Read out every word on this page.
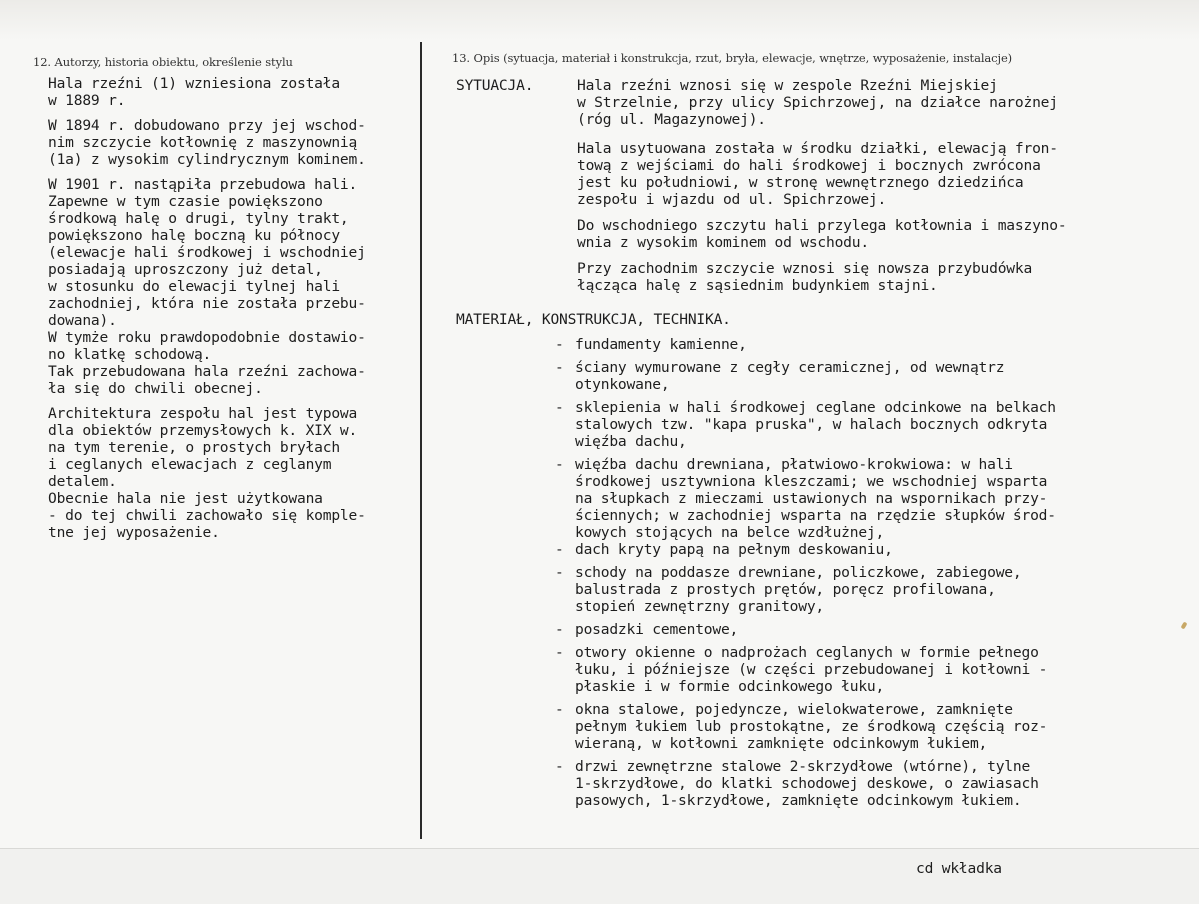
12. Autorzy, historia obiektu, określenie stylu	13. Opis (sytuacja, materiał i konstrukcja, rzut, bryła, elewacje, wnętrze, wyposażenie, instalacje)

Hala rzeźni (1) wzniesiona została
w 1889 r.

W 1894 r. dobudowano przy jej wschod-
nim szczycie kotłownię z maszynownią
(1a) z wysokim cylindrycznym kominem.

W 1901 r. nastąpiła przebudowa hali.
Zapewne w tym czasie powiększono
środkową halę o drugi, tylny trakt,
powiększono halę boczną ku północy
(elewacje hali środkowej i wschodniej
posiadają uproszczony już detal,
w stosunku do elewacji tylnej hali
zachodniej, która nie została przebu-
dowana).
W tymże roku prawdopodobnie dostawio-
no klatkę schodową.
Tak przebudowana hala rzeźni zachowa-
ła się do chwili obecnej.

Architektura zespołu hal jest typowa
dla obiektów przemysłowych k. XIX w.
na tym terenie, o prostych bryłach
i ceglanych elewacjach z ceglanym
detalem.
Obecnie hala nie jest użytkowana
- do tej chwili zachowało się komple-
tne jej wyposażenie.

SYTUACJA.	Hala rzeźni wznosi się w zespole Rzeźni Miejskiej
w Strzelnie, przy ulicy Spichrzowej, na działce narożnej
(róg ul. Magazynowej).
Hala usytuowana została w środku działki, elewacją fron-
tową z wejściami do hali środkowej i bocznych zwrócona
jest ku południowi, w stronę wewnętrznego dziedzińca
zespołu i wjazdu od ul. Spichrzowej.
Do wschodniego szczytu hali przylega kotłownia i maszyno-
wnia z wysokim kominem od wschodu.
Przy zachodnim szczycie wznosi się nowsza przybudówka
łącząca halę z sąsiednim budynkiem stajni.
MATERIAŁ, KONSTRUKCJA, TECHNIKA.
- fundamenty kamienne,
- ściany wymurowane z cegły ceramicznej, od wewnątrz
otynkowane,
- sklepienia w hali środkowej ceglane odcinkowe na belkach
stalowych tzw. "kapa pruska", w halach bocznych odkryta
więźba dachu,
- więźba dachu drewniana, płatwiowo-krokwiowa: w hali
środkowej usztywniona kleszczami; we wschodniej wsparta
na słupkach z mieczami ustawionych na wspornikach przy-
ściennych; w zachodniej wsparta na rzędzie słupków środ-
kowych stojących na belce wzdłużnej,
- dach kryty papą na pełnym deskowaniu,
- schody na poddasze drewniane, policzkowe, zabiegowe,
balustrada z prostych prętów, poręcz profilowana,
stopień zewnętrzny granitowy,
- posadzki cementowe,
- otwory okienne o nadprożach ceglanych w formie pełnego
łuku, i późniejsze (w części przebudowanej i kotłowni -
płaskie i w formie odcinkowego łuku,
- okna stalowe, pojedyncze, wielokwaterowe, zamknięte
pełnym łukiem lub prostokątne, ze środkową częścią roz-
wieraną, w kotłowni zamknięte odcinkowym łukiem,
- drzwi zewnętrzne stalowe 2-skrzydłowe (wtórne), tylne
1-skrzydłowe, do klatki schodowej deskowe, o zawiasach
pasowych, 1-skrzydłowe, zamknięte odcinkowym łukiem.
cd wkładka
